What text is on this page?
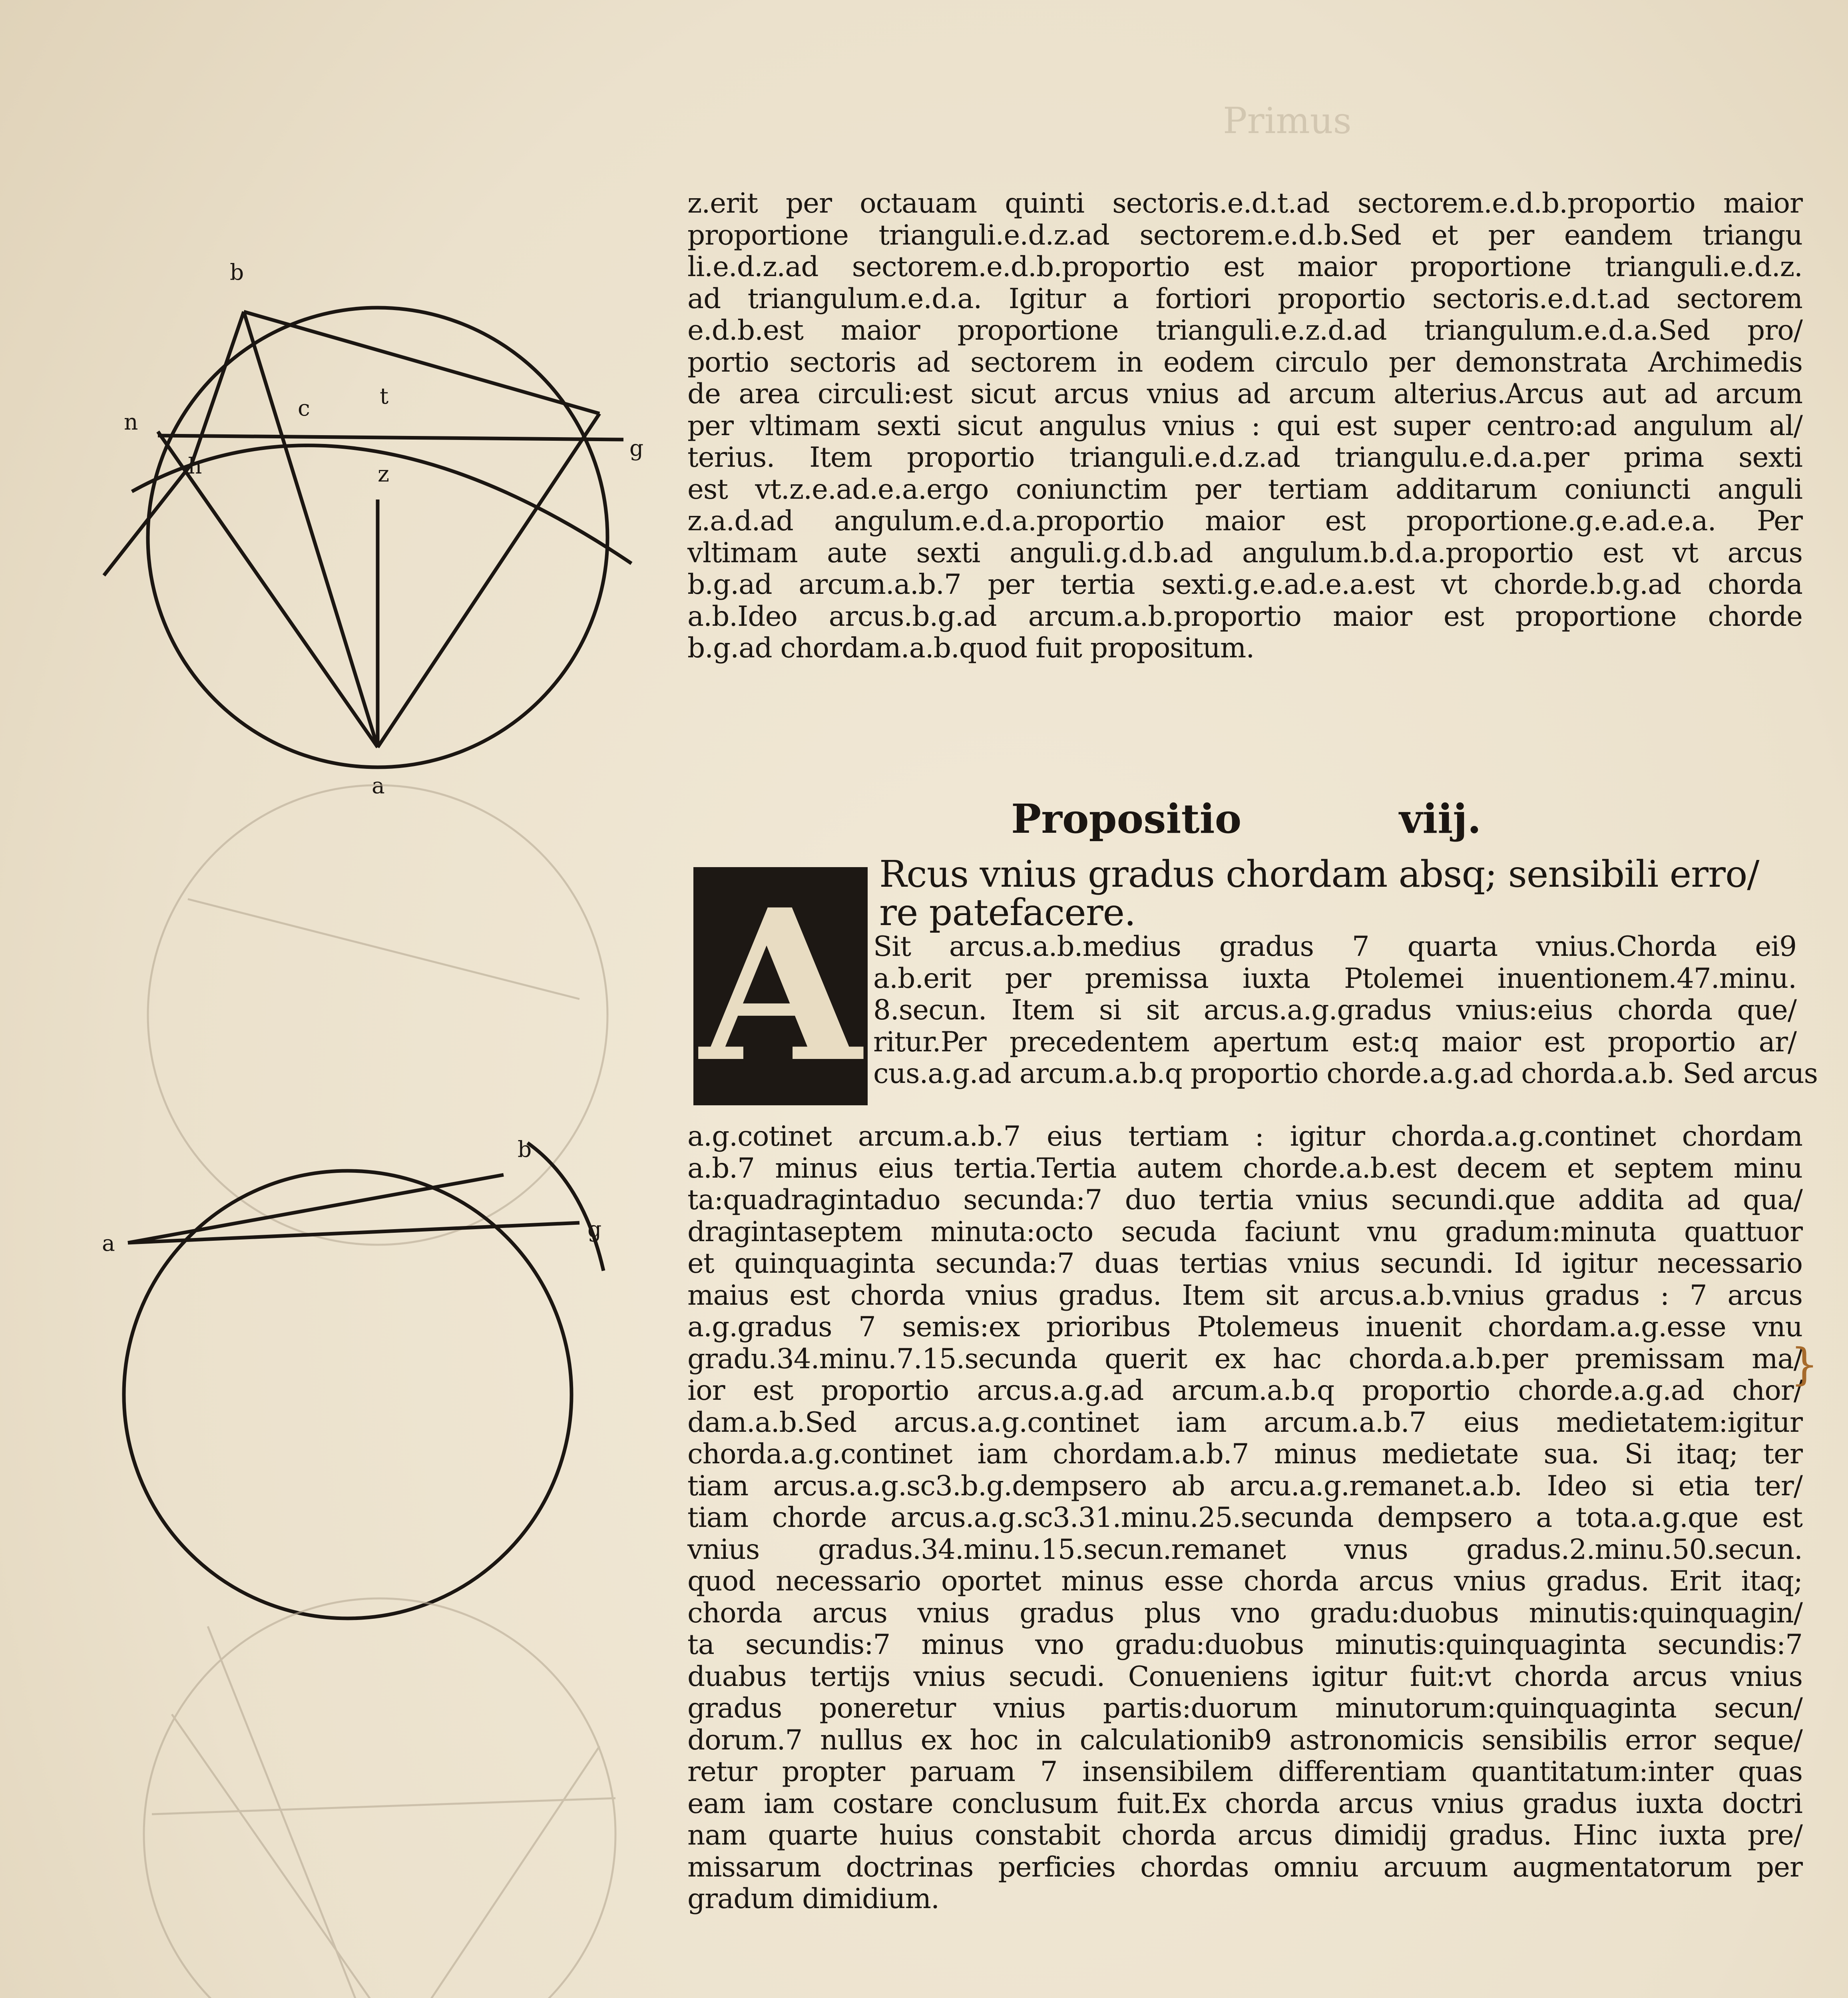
b
n
c	t
g
h	z
a
a
b
g
Primus
z.erit per octauam quinti sectoris.e.d.t.ad sectorem.e.d.b.proportio maior
proportione trianguli.e.d.z.ad sectorem.e.d.b.Sed et per eandem triangu
li.e.d.z.ad sectorem.e.d.b.proportio est maior proportione trianguli.e.d.z.
ad triangulum.e.d.a. Igitur a fortiori proportio sectoris.e.d.t.ad sectorem
e.d.b.est maior proportione trianguli.e.z.d.ad triangulum.e.d.a.Sed pro/
portio sectoris ad sectorem in eodem circulo per demonstrata Archimedis
de area circuli:est sicut arcus vnius ad arcum alterius.Arcus aut ad arcum
per vltimam sexti sicut angulus vnius : qui est super centro:ad angulum al/
terius. Item proportio trianguli.e.d.z.ad triangulu.e.d.a.per prima sexti
est vt.z.e.ad.e.a.ergo coniunctim per tertiam additarum coniuncti anguli
z.a.d.ad angulum.e.d.a.proportio maior est proportione.g.e.ad.e.a. Per
vltimam aute sexti anguli.g.d.b.ad angulum.b.d.a.proportio est vt arcus
b.g.ad arcum.a.b.7 per tertia sexti.g.e.ad.e.a.est vt chorde.b.g.ad chorda
a.b.Ideo arcus.b.g.ad arcum.a.b.proportio maior est proportione chorde
b.g.ad chordam.a.b.quod fuit propositum.
Propositio	viij.
A Rcus vnius gradus chordam absq; sensibili erro/
re patefacere.
Sit arcus.a.b.medius gradus 7 quarta vnius.Chorda ei9
a.b.erit per premissa iuxta Ptolemei inuentionem.47.minu.
8.secun. Item si sit arcus.a.g.gradus vnius:eius chorda que/
ritur.Per precedentem apertum est:q maior est proportio ar/
cus.a.g.ad arcum.a.b.q proportio chorde.a.g.ad chorda.a.b. Sed arcus
a.g.cotinet arcum.a.b.7 eius tertiam : igitur chorda.a.g.continet chordam
a.b.7 minus eius tertia.Tertia autem chorde.a.b.est decem et septem minu
ta:quadragintaduo secunda:7 duo tertia vnius secundi.que addita ad qua/
dragintaseptem minuta:octo secuda faciunt vnu gradum:minuta quattuor
et quinquaginta secunda:7 duas tertias vnius secundi. Id igitur necessario
maius est chorda vnius gradus. Item sit arcus.a.b.vnius gradus : 7 arcus
a.g.gradus 7 semis:ex prioribus Ptolemeus inuenit chordam.a.g.esse vnu
gradu.34.minu.7.15.secunda querit ex hac chorda.a.b.per premissam ma/
ior est proportio arcus.a.g.ad arcum.a.b.q proportio chorde.a.g.ad chor/
dam.a.b.Sed arcus.a.g.continet iam arcum.a.b.7 eius medietatem:igitur
chorda.a.g.continet iam chordam.a.b.7 minus medietate sua. Si itaq; ter
tiam arcus.a.g.sc3.b.g.dempsero ab arcu.a.g.remanet.a.b. Ideo si etia ter/
tiam chorde arcus.a.g.sc3.31.minu.25.secunda dempsero a tota.a.g.que est
vnius gradus.34.minu.15.secun.remanet vnus gradus.2.minu.50.secun.
quod necessario oportet minus esse chorda arcus vnius gradus. Erit itaq;
chorda arcus vnius gradus plus vno gradu:duobus minutis:quinquagin/
ta secundis:7 minus vno gradu:duobus minutis:quinquaginta secundis:7
duabus tertijs vnius secudi. Conueniens igitur fuit:vt chorda arcus vnius
gradus poneretur vnius partis:duorum minutorum:quinquaginta secun/
dorum.7 nullus ex hoc in calculationib9 astronomicis sensibilis error seque/
retur propter paruam 7 insensibilem differentiam quantitatum:inter quas
eam iam costare conclusum fuit.Ex chorda arcus vnius gradus iuxta doctri
nam quarte huius constabit chorda arcus dimidij gradus. Hinc iuxta pre/
missarum doctrinas perficies chordas omniu arcuum augmentatorum per
gradum dimidium.
}
